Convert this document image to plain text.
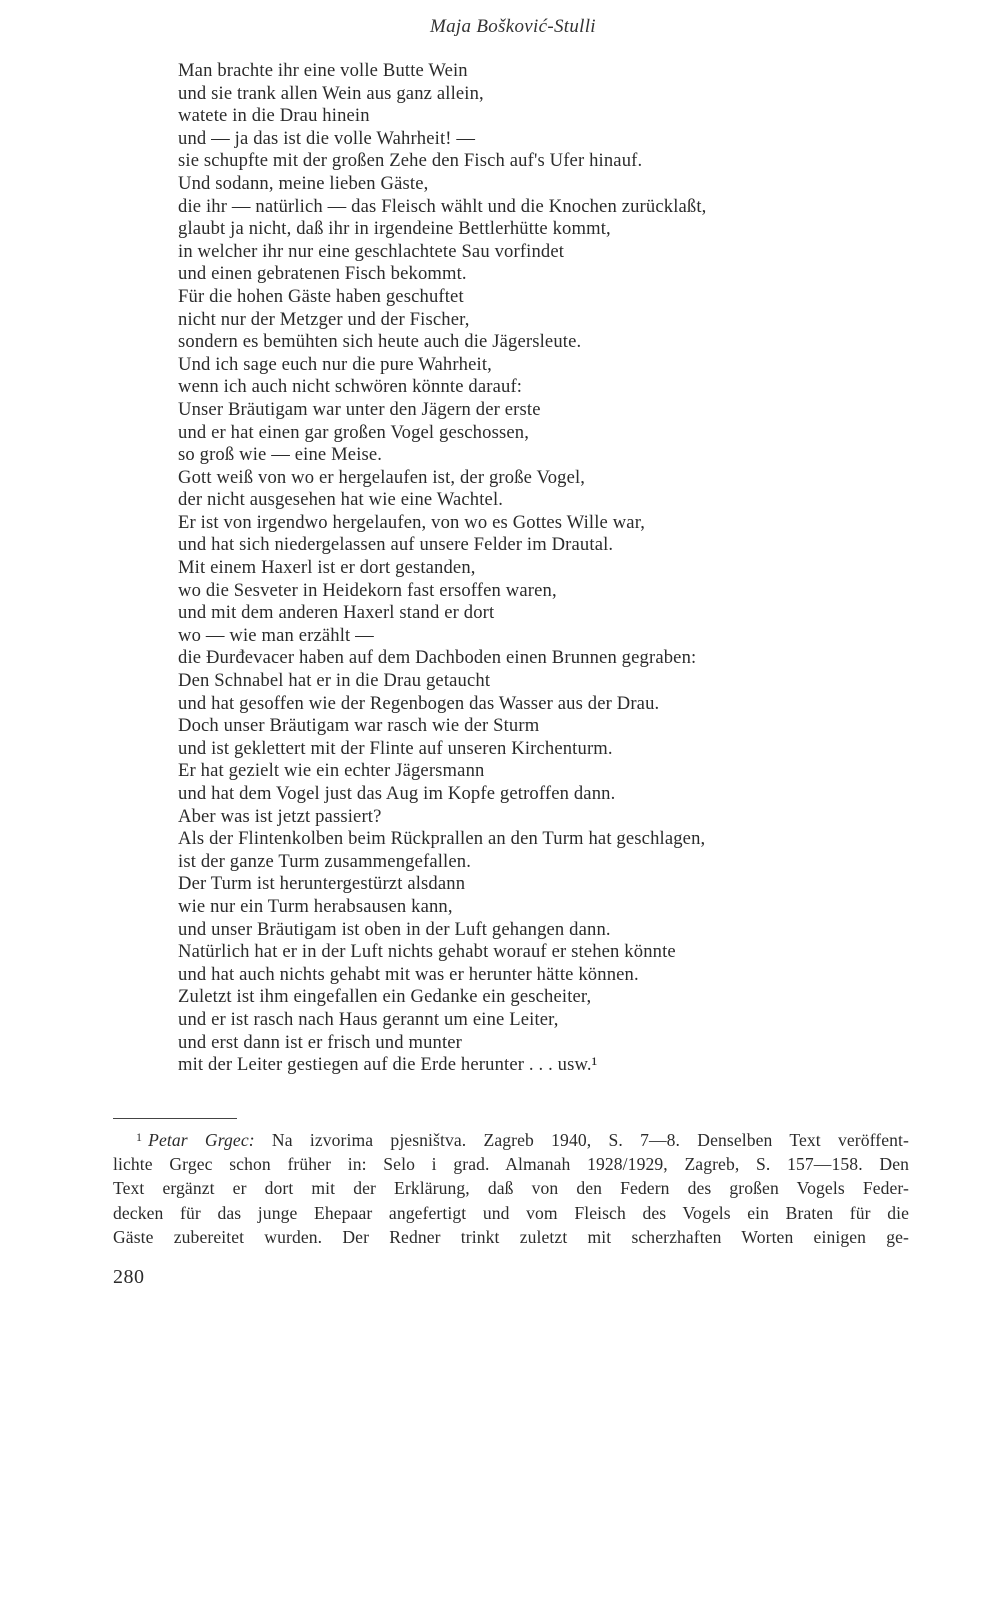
Maja Bošković-Stulli
Man brachte ihr eine volle Butte Wein
und sie trank allen Wein aus ganz allein,
watete in die Drau hinein
und — ja das ist die volle Wahrheit! —
sie schupfte mit der großen Zehe den Fisch auf's Ufer hinauf.
Und sodann, meine lieben Gäste,
die ihr — natürlich — das Fleisch wählt und die Knochen zurücklaßt,
glaubt ja nicht, daß ihr in irgendeine Bettlerhütte kommt,
in welcher ihr nur eine geschlachtete Sau vorfindet
und einen gebratenen Fisch bekommt.
Für die hohen Gäste haben geschuftet
nicht nur der Metzger und der Fischer,
sondern es bemühten sich heute auch die Jägersleute.
Und ich sage euch nur die pure Wahrheit,
wenn ich auch nicht schwören könnte darauf:
Unser Bräutigam war unter den Jägern der erste
und er hat einen gar großen Vogel geschossen,
so groß wie — eine Meise.
Gott weiß von wo er hergelaufen ist, der große Vogel,
der nicht ausgesehen hat wie eine Wachtel.
Er ist von irgendwo hergelaufen, von wo es Gottes Wille war,
und hat sich niedergelassen auf unsere Felder im Drautal.
Mit einem Haxerl ist er dort gestanden,
wo die Sesveter in Heidekorn fast ersoffen waren,
und mit dem anderen Haxerl stand er dort
wo — wie man erzählt —
die Đurđevacer haben auf dem Dachboden einen Brunnen gegraben:
Den Schnabel hat er in die Drau getaucht
und hat gesoffen wie der Regenbogen das Wasser aus der Drau.
Doch unser Bräutigam war rasch wie der Sturm
und ist geklettert mit der Flinte auf unseren Kirchenturm.
Er hat gezielt wie ein echter Jägersmann
und hat dem Vogel just das Aug im Kopfe getroffen dann.
Aber was ist jetzt passiert?
Als der Flintenkolben beim Rückprallen an den Turm hat geschlagen,
ist der ganze Turm zusammengefallen.
Der Turm ist heruntergestürzt alsdann
wie nur ein Turm herabsausen kann,
und unser Bräutigam ist oben in der Luft gehangen dann.
Natürlich hat er in der Luft nichts gehabt worauf er stehen könnte
und hat auch nichts gehabt mit was er herunter hätte können.
Zuletzt ist ihm eingefallen ein Gedanke ein gescheiter,
und er ist rasch nach Haus gerannt um eine Leiter,
und erst dann ist er frisch und munter
mit der Leiter gestiegen auf die Erde herunter . . . usw.¹
$^1$ Petar Grgec: Na izvorima pjesništva. Zagreb 1940, S. 7—8. Denselben Text veröffent-
lichte Grgec schon früher in: Selo i grad. Almanah 1928/1929, Zagreb, S. 157—158. Den
Text ergänzt er dort mit der Erklärung, daß von den Federn des großen Vogels Feder-
decken für das junge Ehepaar angefertigt und vom Fleisch des Vogels ein Braten für die
Gäste zubereitet wurden. Der Redner trinkt zuletzt mit scherzhaften Worten einigen ge-
280
